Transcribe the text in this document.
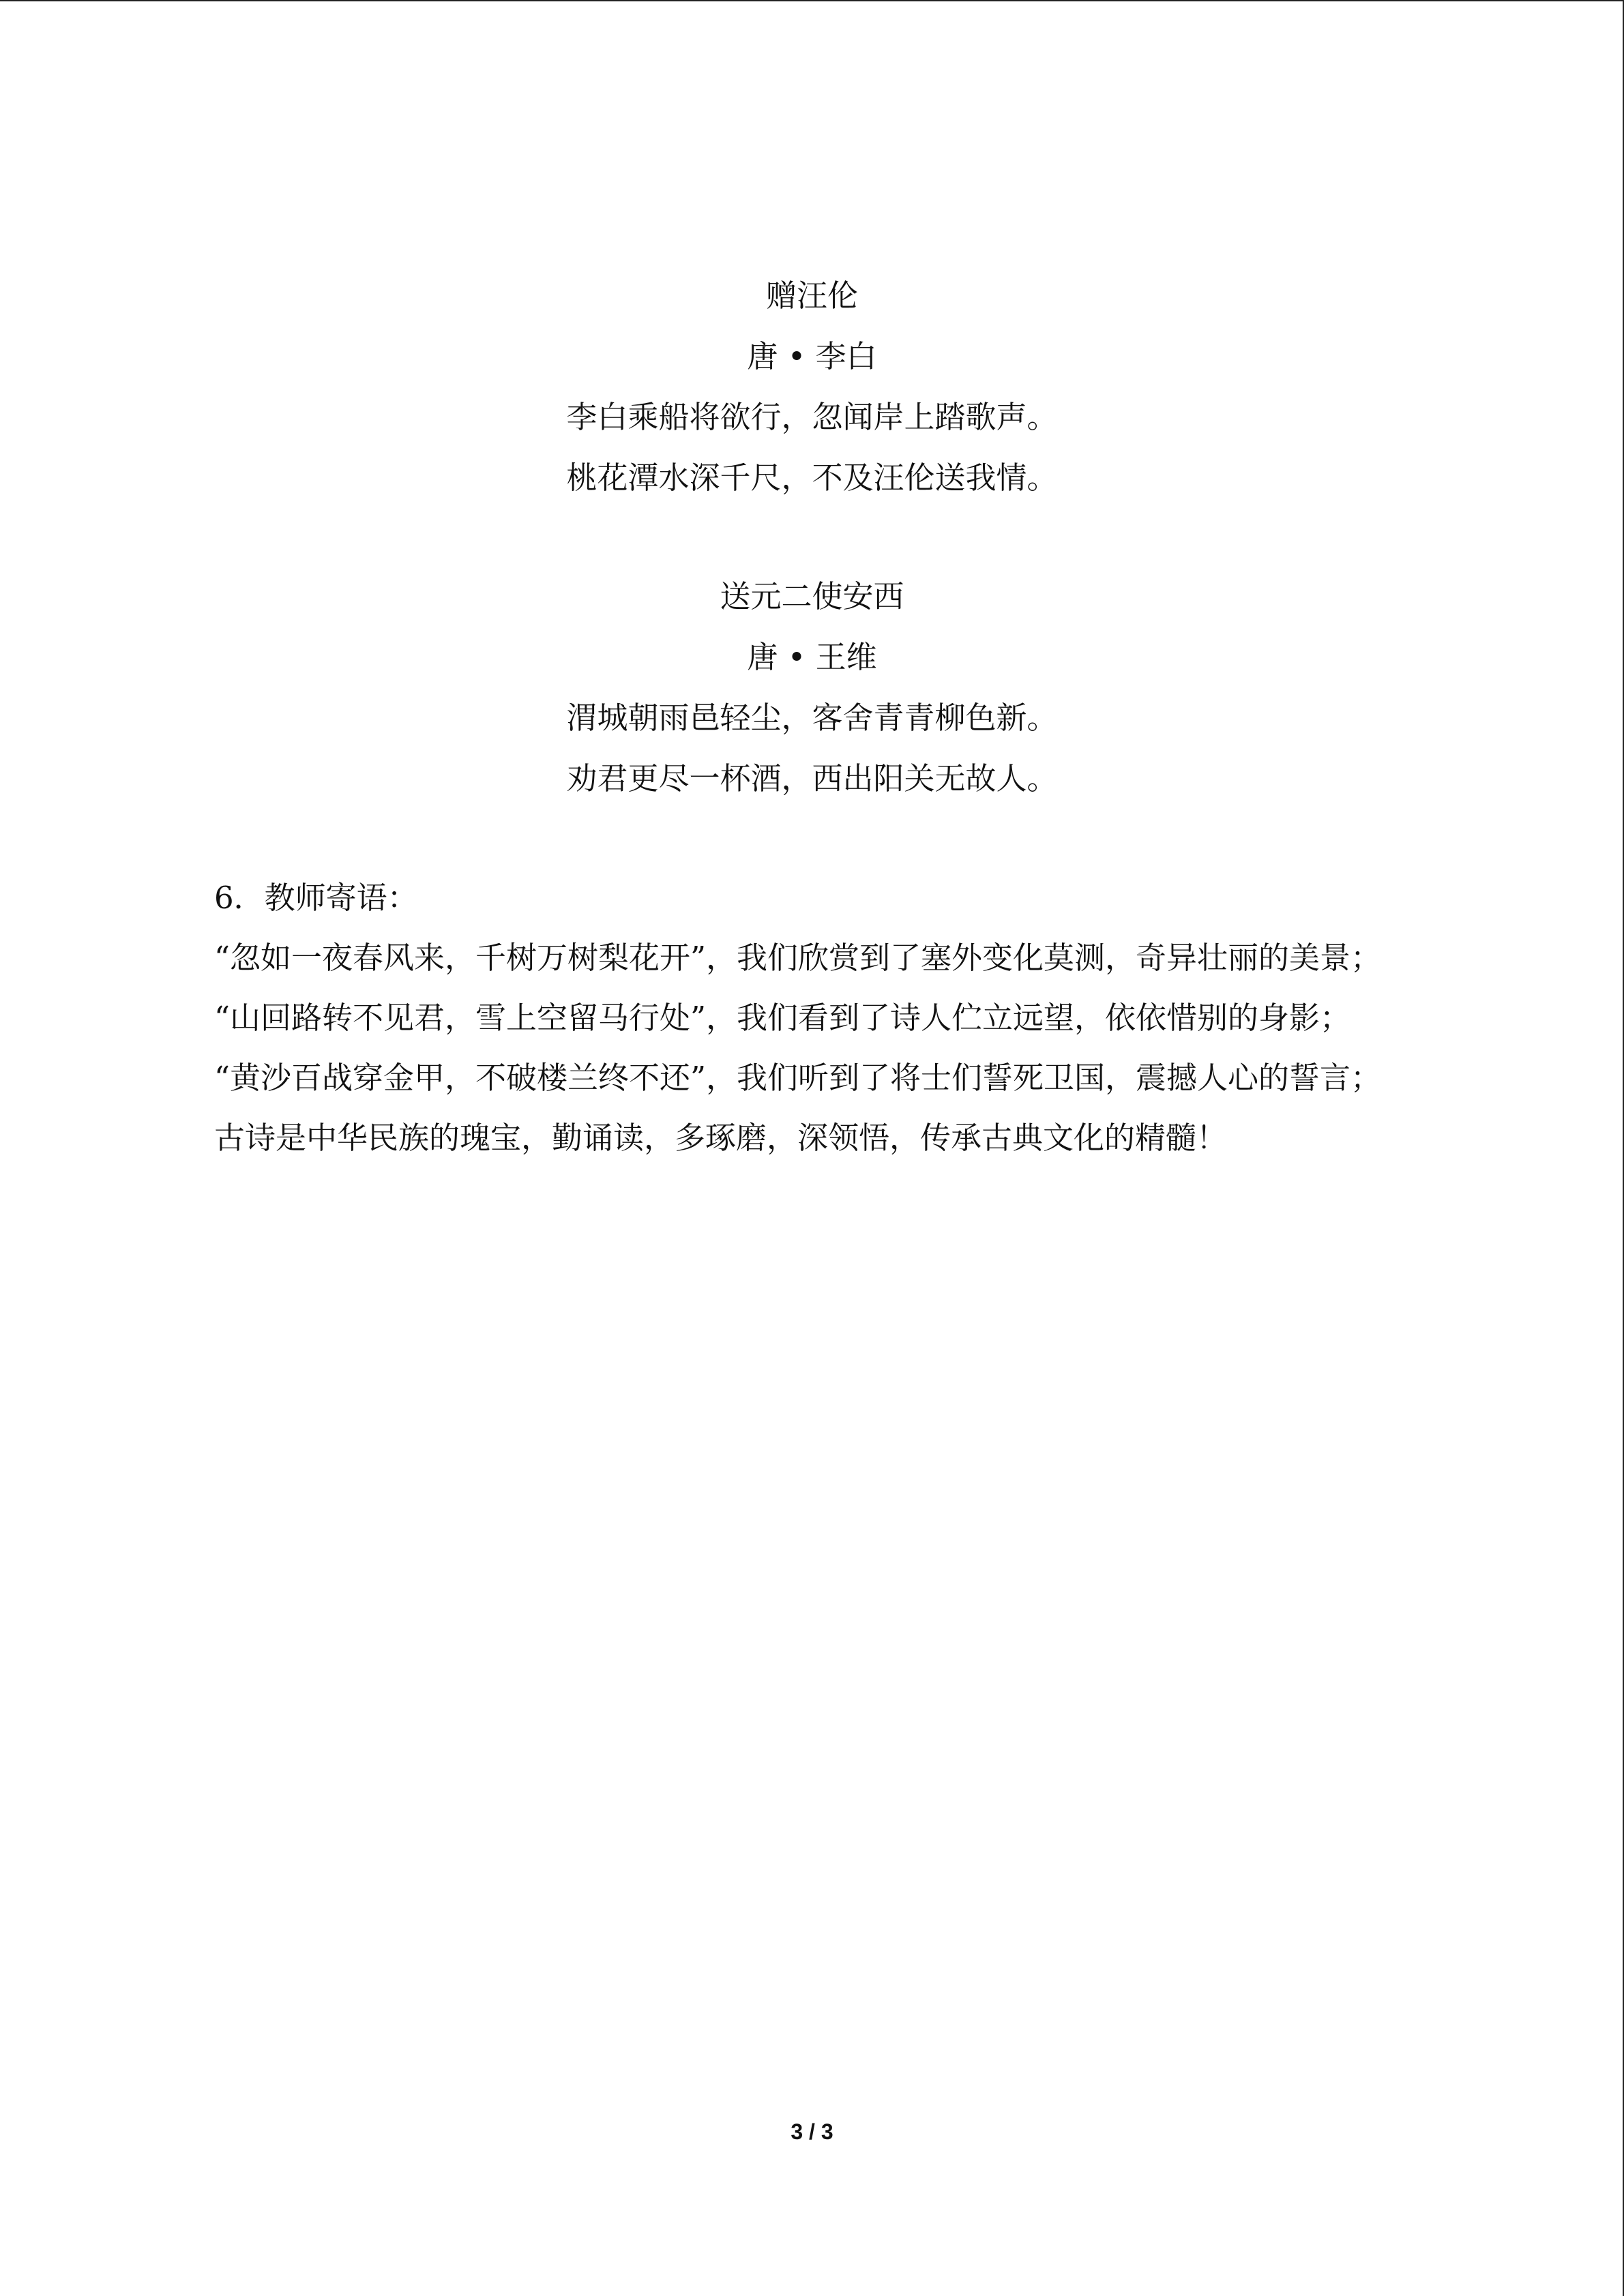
赠汪伦
唐 • 李白
李白乘船将欲行，忽闻岸上踏歌声。
桃花潭水深千尺，不及汪伦送我情。
送元二使安西
唐 • 王维
渭城朝雨邑轻尘，客舍青青柳色新。
劝君更尽一杯酒，西出阳关无故人。
6．教师寄语：
“忽如一夜春风来，千树万树梨花开”，我们欣赏到了塞外变化莫测，奇异壮丽的美景；
“山回路转不见君，雪上空留马行处”，我们看到了诗人伫立远望，依依惜别的身影；
“黄沙百战穿金甲，不破楼兰终不还”，我们听到了将士们誓死卫国，震撼人心的誓言；
古诗是中华民族的瑰宝，勤诵读，多琢磨，深领悟，传承古典文化的精髓！
3 / 3
